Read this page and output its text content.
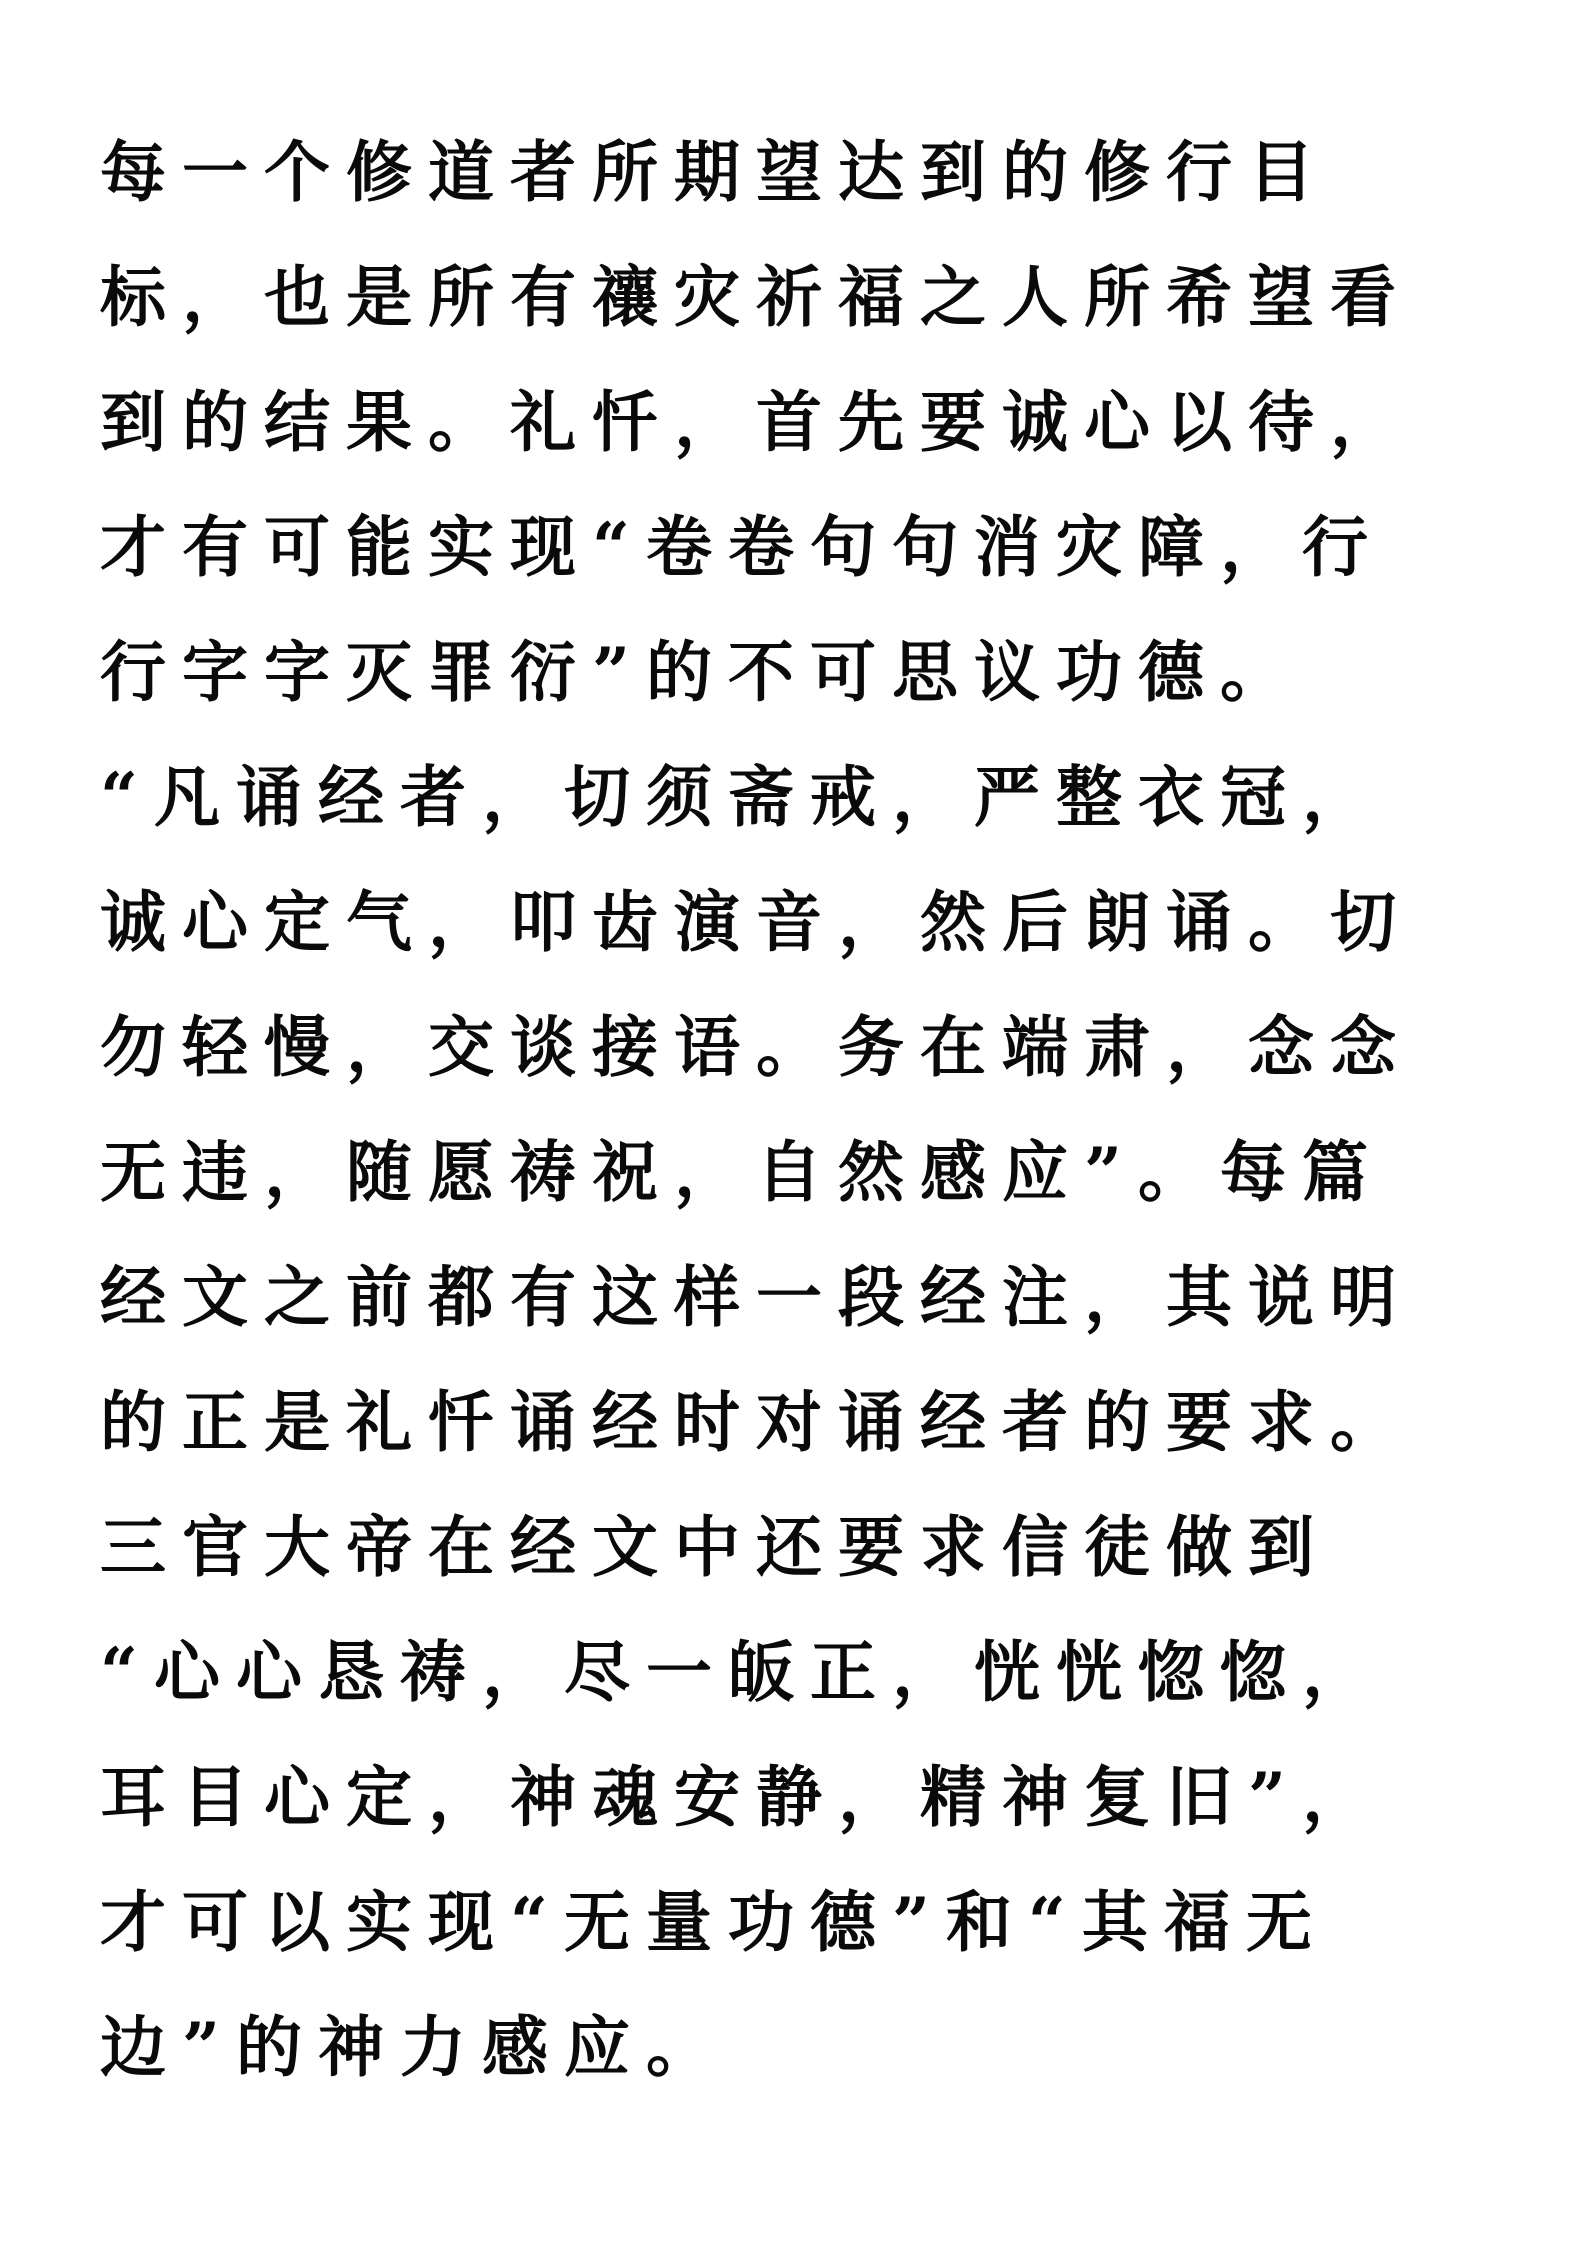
每一个修道者所期望达到的修行目
标，也是所有禳灾祈福之人所希望看
到的结果。礼忏，首先要诚心以待，
才有可能实现“卷卷句句消灾障，行
行字字灭罪衍”的不可思议功德。
“凡诵经者，切须斋戒，严整衣冠，
诚心定气，叩齿演音，然后朗诵。切
勿轻慢，交谈接语。务在端肃，念念
无违，随愿祷祝，自然感应”。每篇
经文之前都有这样一段经注，其说明
的正是礼忏诵经时对诵经者的要求。
三官大帝在经文中还要求信徒做到
“心心恳祷，尽一皈正，恍恍惚惚，
耳目心定，神魂安静，精神复旧”，
才可以实现“无量功德”和“其福无
边”的神力感应。
